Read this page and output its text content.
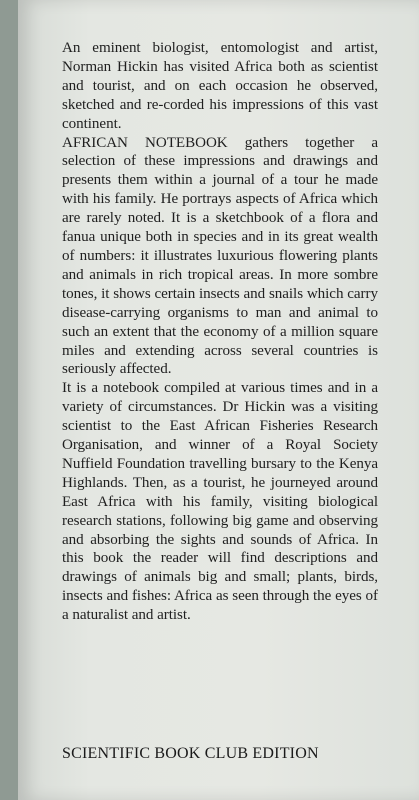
An eminent biologist, entomologist and artist, Norman Hickin has visited Africa both as scientist and tourist, and on each occasion he observed, sketched and re-corded his impressions of this vast continent.

AFRICAN NOTEBOOK gathers together a selection of these impressions and drawings and presents them within a journal of a tour he made with his family. He portrays aspects of Africa which are rarely noted. It is a sketchbook of a flora and fanua unique both in species and in its great wealth of numbers: it illustrates luxurious flowering plants and animals in rich tropical areas. In more sombre tones, it shows certain insects and snails which carry disease-carrying organisms to man and animal to such an extent that the economy of a million square miles and extending across several countries is seriously affected.

It is a notebook compiled at various times and in a variety of circumstances. Dr Hickin was a visiting scientist to the East African Fisheries Research Organisation, and winner of a Royal Society Nuffield Foundation travelling bursary to the Kenya Highlands. Then, as a tourist, he journeyed around East Africa with his family, visiting biological research stations, following big game and observing and absorbing the sights and sounds of Africa. In this book the reader will find descriptions and drawings of animals big and small; plants, birds, insects and fishes: Africa as seen through the eyes of a naturalist and artist.

SCIENTIFIC BOOK CLUB EDITION
